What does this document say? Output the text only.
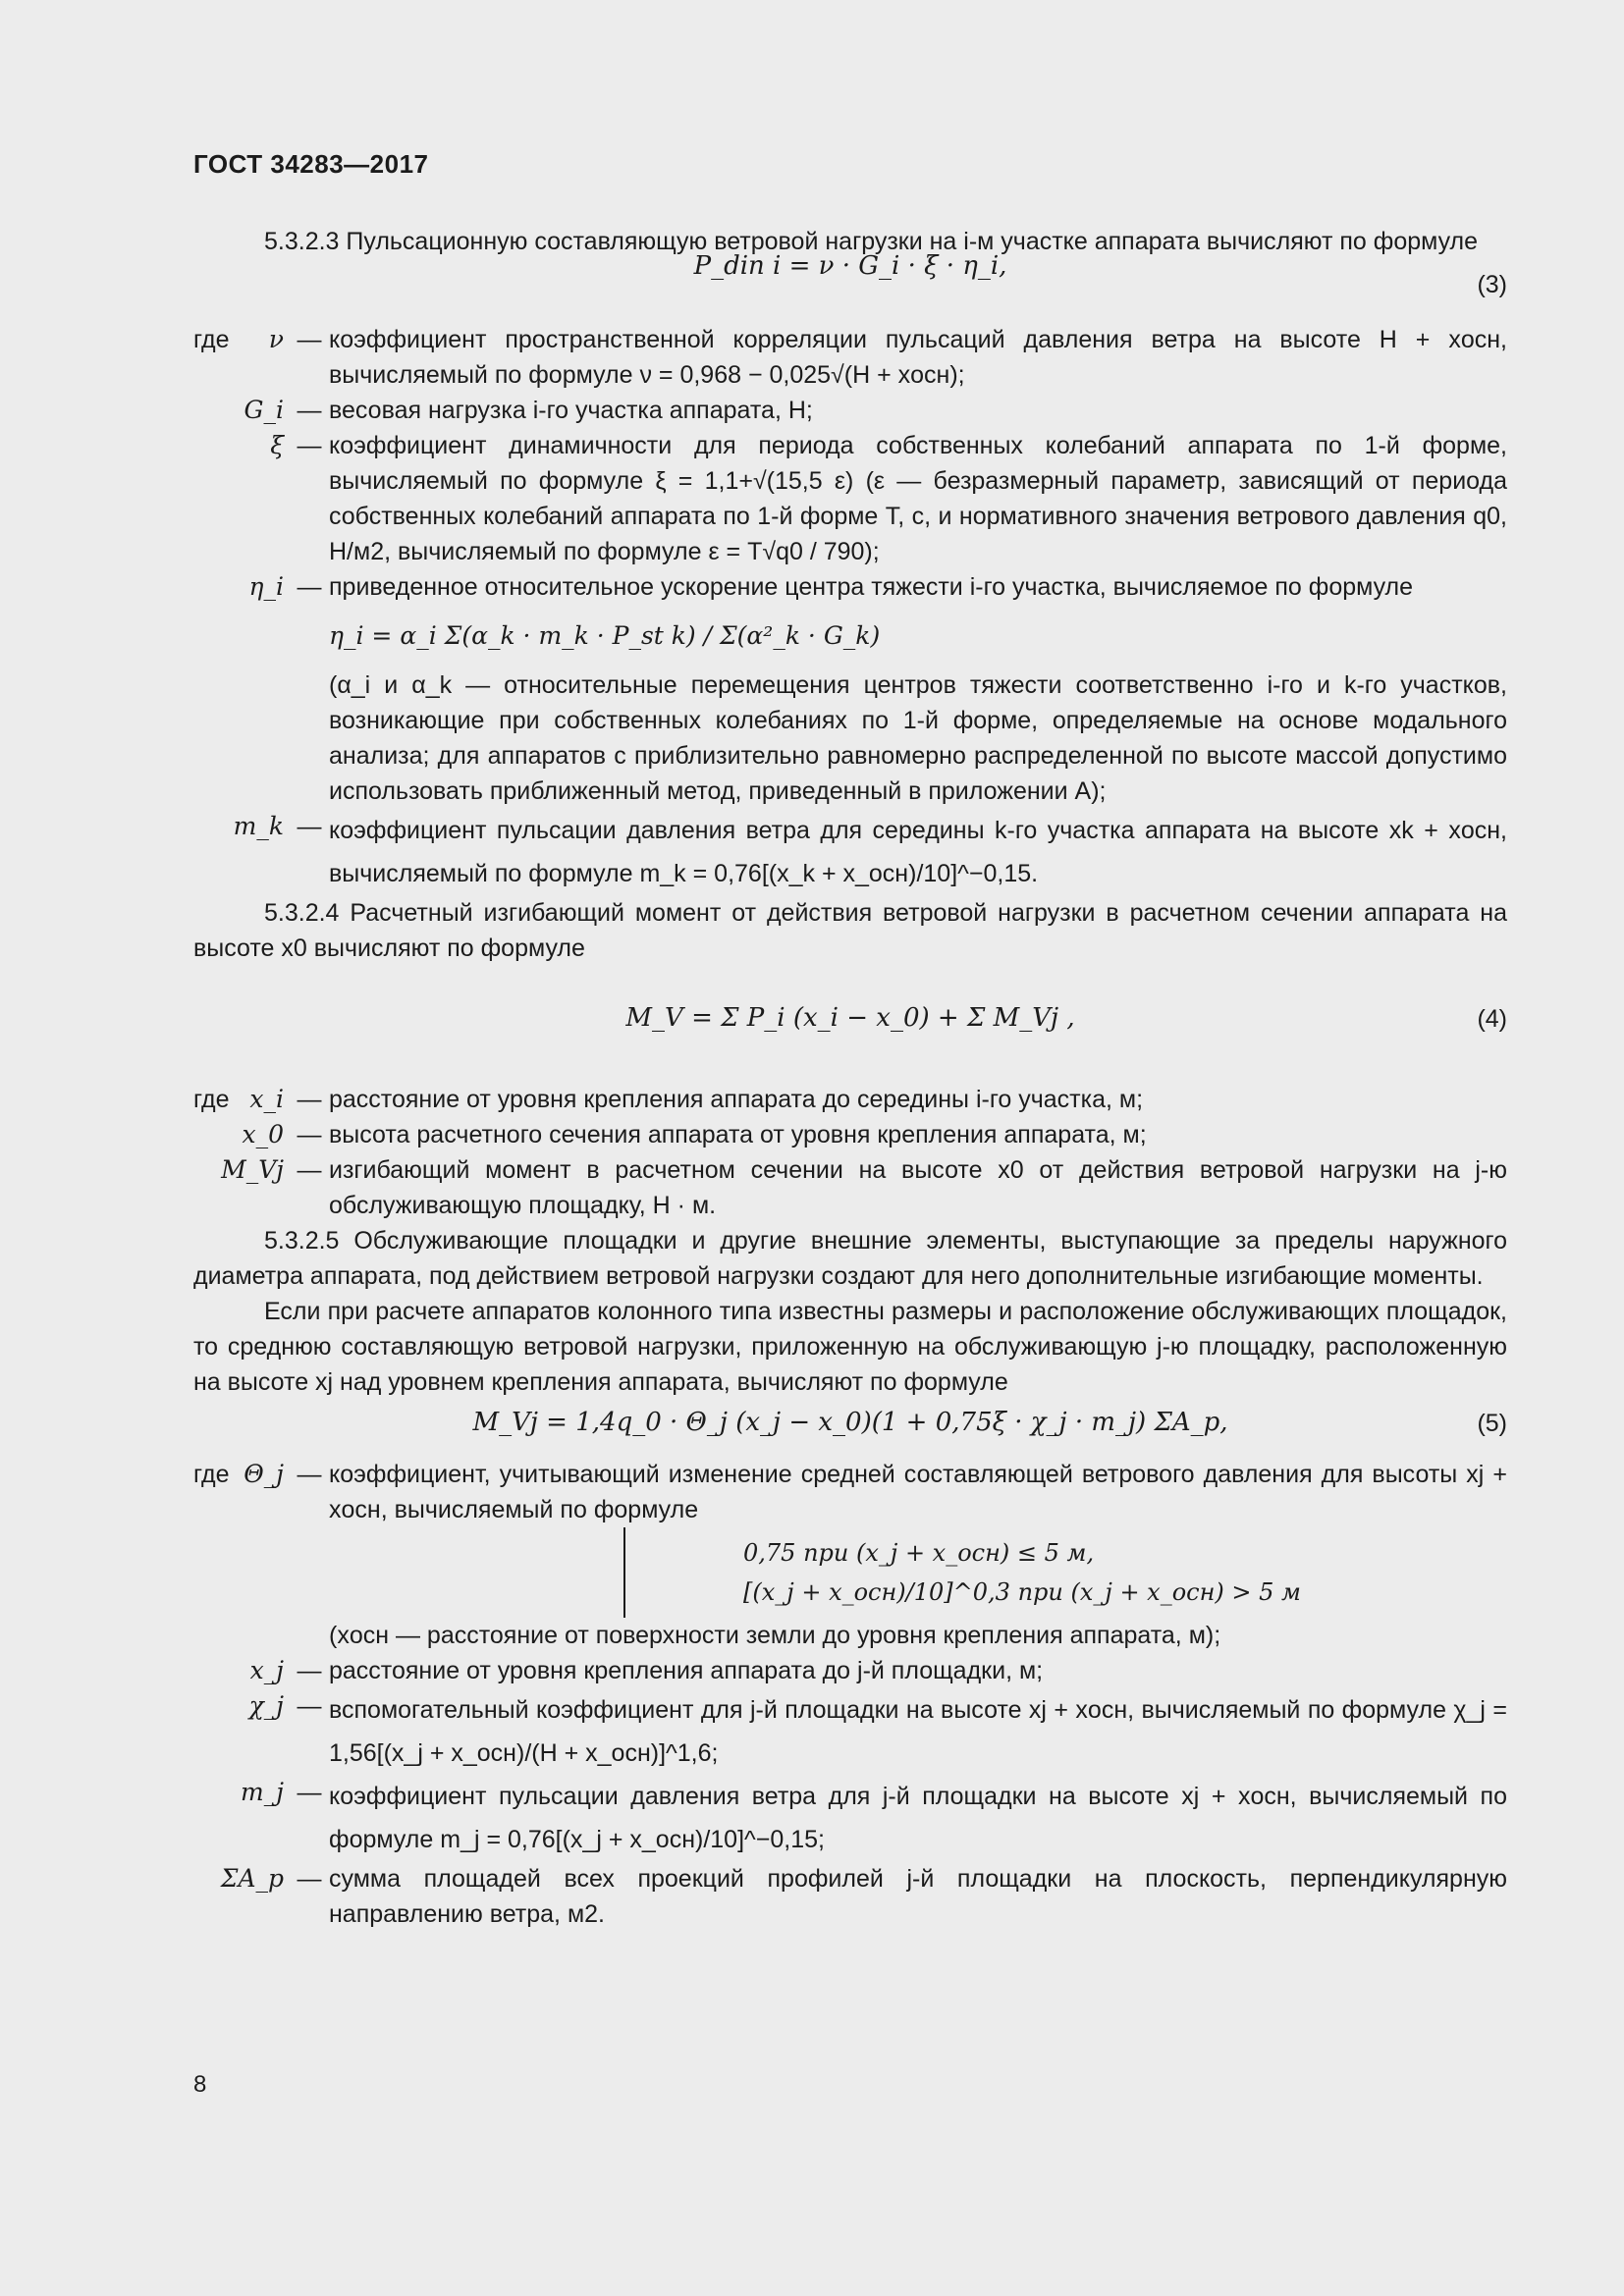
ГОСТ 34283—2017

5.3.2.3 Пульсационную составляющую ветровой нагрузки на i-м участке аппарата вычисляют по формуле

P_din i = ν · G_i · ξ · η_i,
(3)
где ν — коэффициент пространственной корреляции пульсаций давления ветра на высоте H + xосн, вычисляемый по формуле ν = 0,968 − 0,025√(H + xосн);
G_i — весовая нагрузка i-го участка аппарата, Н;
ξ — коэффициент динамичности для периода собственных колебаний аппарата по 1-й форме, вычисляемый по формуле ξ = 1,1+√(15,5 ε) (ε — безразмерный параметр, зависящий от периода собственных колебаний аппарата по 1-й форме T, с, и нормативного значения ветрового давления q0, Н/м2, вычисляемый по формуле ε = T√q0 / 790);
η_i — приведенное относительное ускорение центра тяжести i-го участка, вычисляемое по формуле
η_i = α_i Σ(α_k · m_k · P_st k) / Σ(α²_k · G_k)
(α_i и α_k — относительные перемещения центров тяжести соответственно i-го и k-го участков, возникающие при собственных колебаниях по 1-й форме, определяемые на основе модального анализа; для аппаратов с приблизительно равномерно распределенной по высоте массой допустимо использовать приближенный метод, приведенный в приложении А);
m_k — коэффициент пульсации давления ветра для середины k-го участка аппарата на высоте xk + xосн, вычисляемый по формуле m_k = 0,76[(x_k + x_осн)/10]^−0,15.

5.3.2.4 Расчетный изгибающий момент от действия ветровой нагрузки в расчетном сечении аппарата на высоте x0 вычисляют по формуле

M_V = Σ P_i (x_i − x_0) + Σ M_Vj ,	(4)
где x_i — расстояние от уровня крепления аппарата до середины i-го участка, м;
x_0 — высота расчетного сечения аппарата от уровня крепления аппарата, м;
M_Vj — изгибающий момент в расчетном сечении на высоте x0 от действия ветровой нагрузки на j-ю обслуживающую площадку, Н · м.

5.3.2.5 Обслуживающие площадки и другие внешние элементы, выступающие за пределы наружного диаметра аппарата, под действием ветровой нагрузки создают для него дополнительные изгибающие моменты.

Если при расчете аппаратов колонного типа известны размеры и расположение обслуживающих площадок, то среднюю составляющую ветровой нагрузки, приложенную на обслуживающую j-ю площадку, расположенную на высоте xj над уровнем крепления аппарата, вычисляют по формуле

M_Vj = 1,4q_0 · Θ_j (x_j − x_0)(1 + 0,75ξ · χ_j · m_j) ΣA_p,	(5)
где Θ_j — коэффициент, учитывающий изменение средней составляющей ветрового давления для высоты xj + xосн, вычисляемый по формуле
0,75 при (x_j + x_осн) ≤ 5 м,
[(x_j + x_осн)/10]^0,3 при (x_j + x_осн) > 5 м
(xосн — расстояние от поверхности земли до уровня крепления аппарата, м);
x_j — расстояние от уровня крепления аппарата до j-й площадки, м;
χ_j — вспомогательный коэффициент для j-й площадки на высоте xj + xосн, вычисляемый по формуле χ_j = 1,56[(x_j + x_осн)/(H + x_осн)]^1,6;
m_j — коэффициент пульсации давления ветра для j-й площадки на высоте xj + xосн, вычисляемый по формуле m_j = 0,76[(x_j + x_осн)/10]^−0,15;
ΣA_p — сумма площадей всех проекций профилей j-й площадки на плоскость, перпендикулярную направлению ветра, м2.
8
